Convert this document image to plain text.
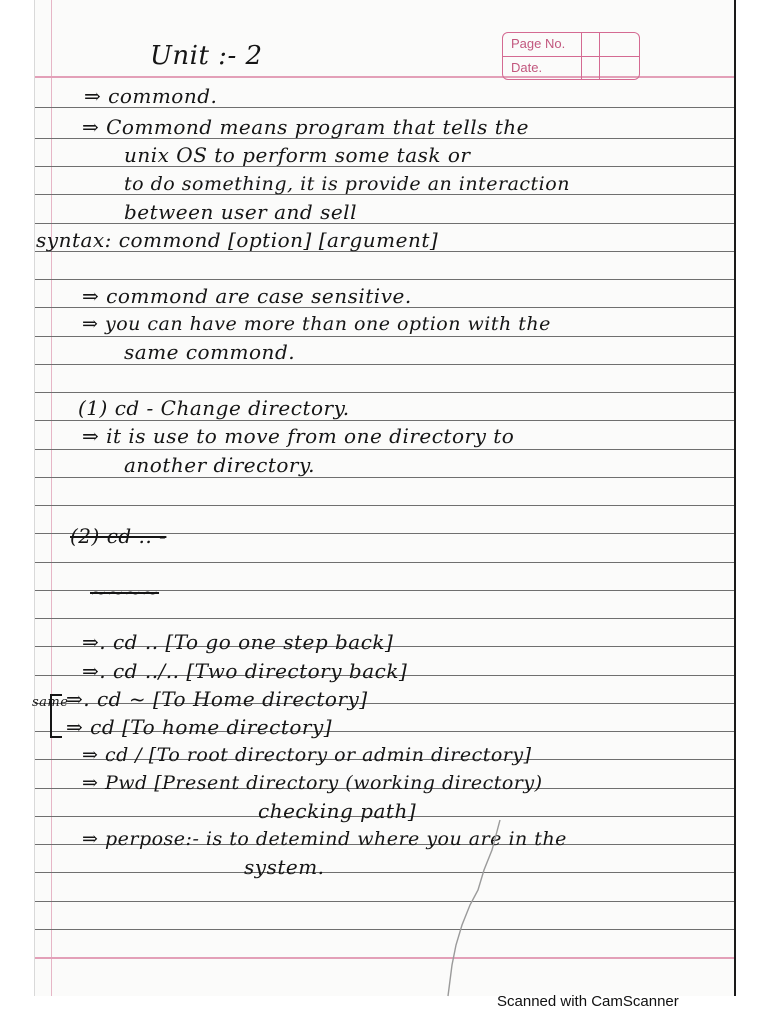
Page No.
Date.
Unit :- 2
⇒ commond.
⇒ Commond means program that tells the
unix OS to perform some task or
to do something, it is provide an interaction
between user and sell
syntax: commond [option] [argument]
⇒ commond are case sensitive.
⇒ you can have more than one option with the
same commond.
(1) cd - Change directory.
⇒ it is use to move from one directory to
another directory.
(2) cd .. -
~~~~
⇒. cd .. [To go one step back]
⇒. cd ../.. [Two directory back]
same
⇒. cd ~ [To Home directory]
⇒ cd [To home directory]
⇒ cd / [To root directory or admin directory]
⇒ Pwd [Present directory (working directory)
checking path]
⇒ perpose:- is to detemind where you are in the
system.
Scanned with CamScanner
